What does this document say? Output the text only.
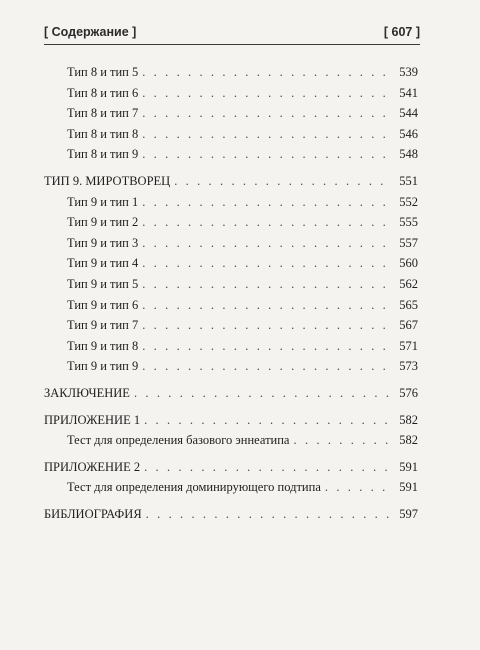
[ Содержание ]	[ 607 ]
Тип 8 и тип 5 . . .	539
Тип 8 и тип 6 . . .	541
Тип 8 и тип 7 . . .	544
Тип 8 и тип 8 . . .	546
Тип 8 и тип 9 . . .	548
ТИП 9. МИРОТВОРЕЦ . . .	551
Тип 9 и тип 1 . . .	552
Тип 9 и тип 2 . . .	555
Тип 9 и тип 3 . . .	557
Тип 9 и тип 4 . . .	560
Тип 9 и тип 5 . . .	562
Тип 9 и тип 6 . . .	565
Тип 9 и тип 7 . . .	567
Тип 9 и тип 8 . . .	571
Тип 9 и тип 9 . . .	573
ЗАКЛЮЧЕНИЕ . . .	576
ПРИЛОЖЕНИЕ 1 . . .	582
Тест для определения базового эннеатипа . . .	582
ПРИЛОЖЕНИЕ 2 . . .	591
Тест для определения доминирующего подтипа . . .	591
БИБЛИОГРАФИЯ . . .	597
